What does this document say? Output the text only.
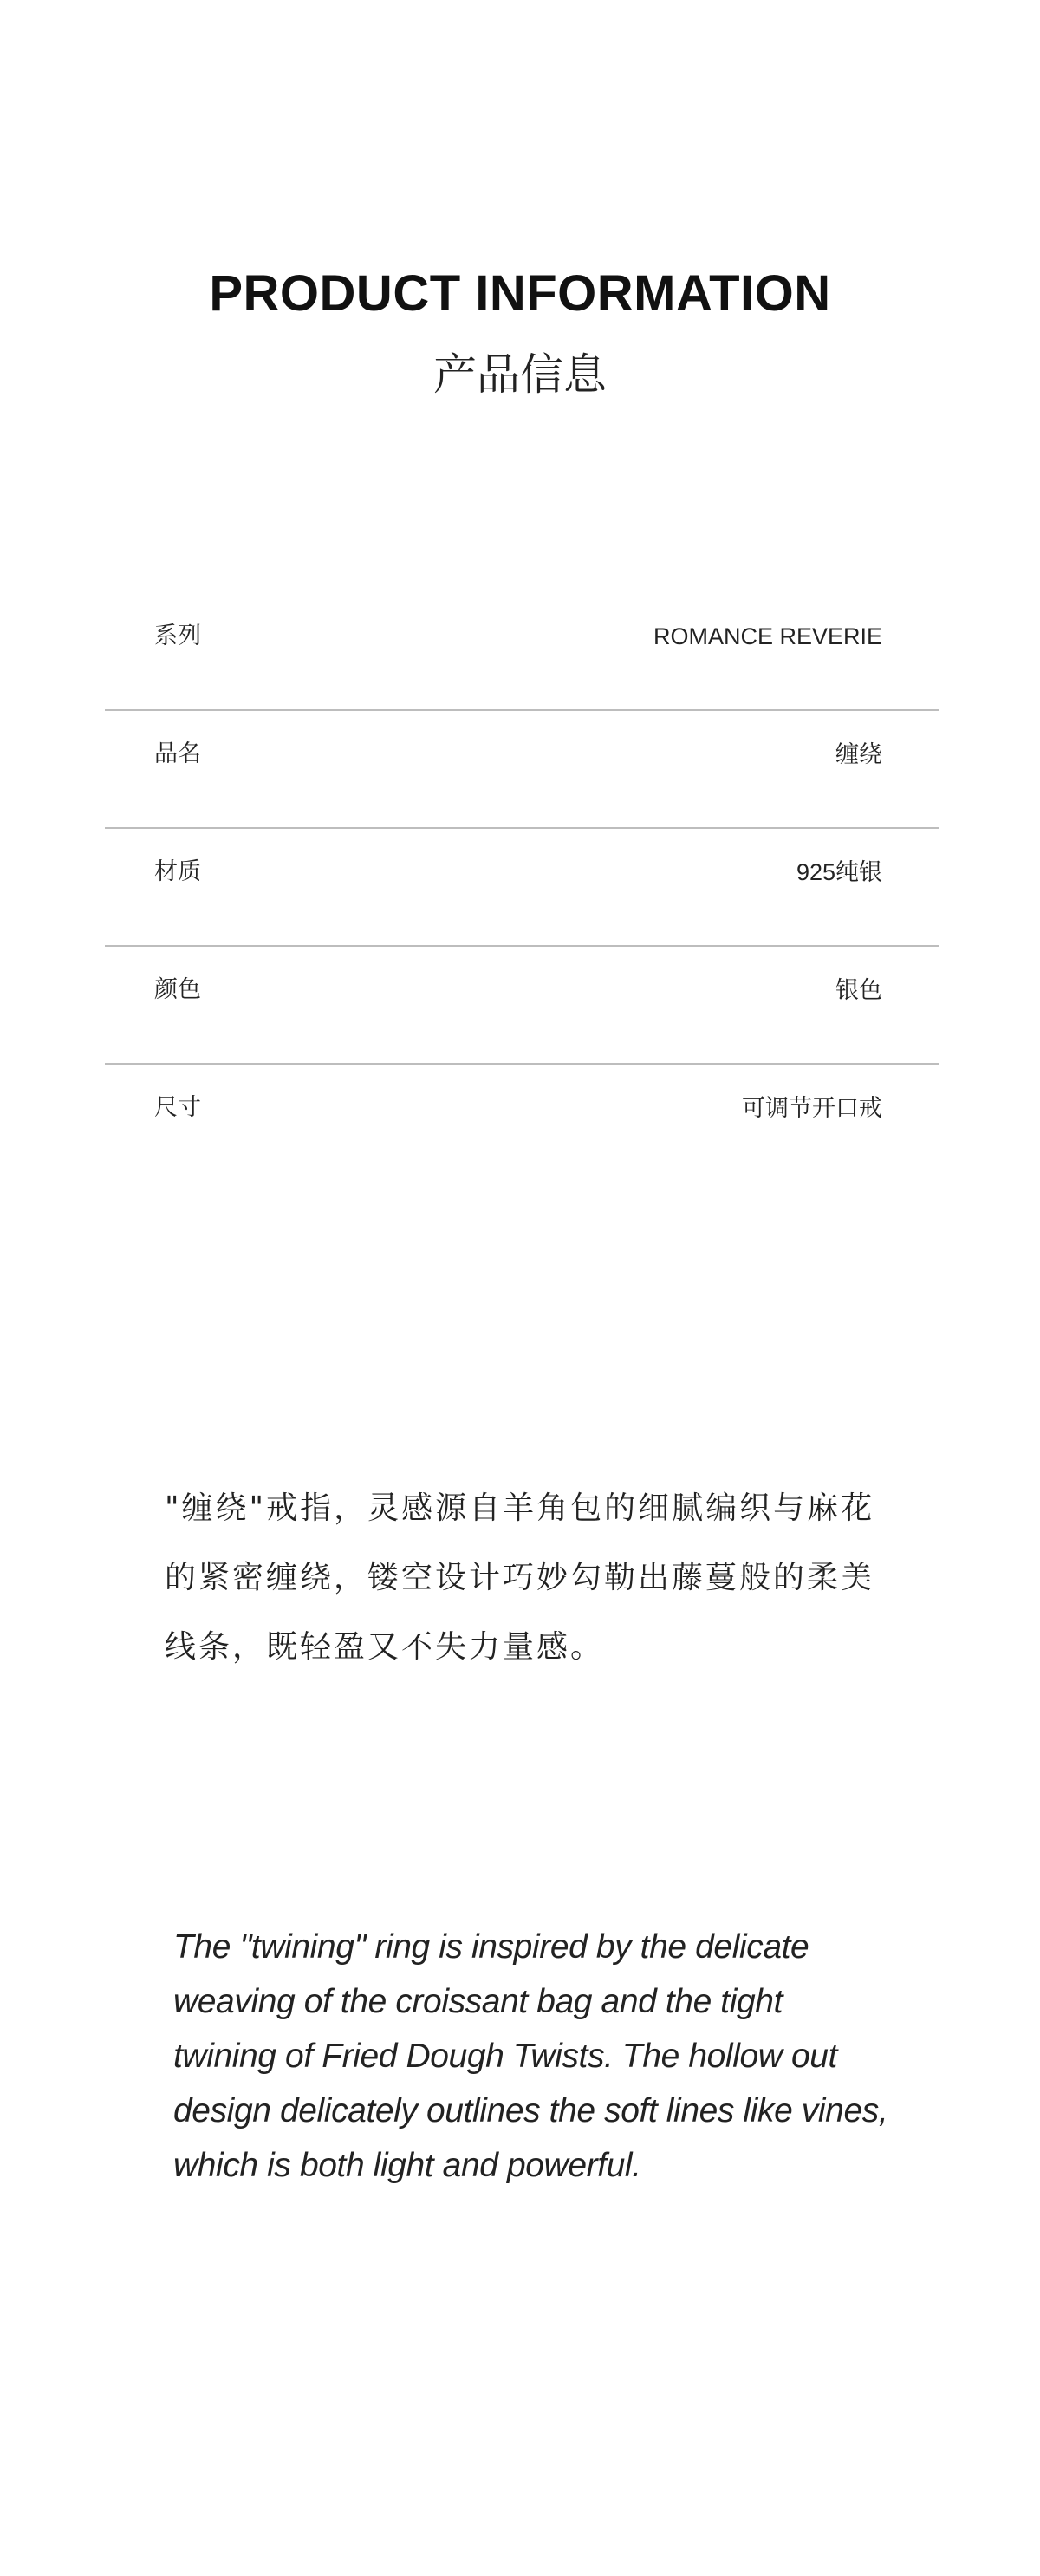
PRODUCT INFORMATION
产品信息
系列	ROMANCE REVERIE
品名	缠绕
材质	925纯银
颜色	银色
尺寸	可调节开口戒
"缠绕"戒指，灵感源自羊角包的细腻编织与麻花的紧密缠绕，镂空设计巧妙勾勒出藤蔓般的柔美线条，既轻盈又不失力量感。
The "twining" ring is inspired by the delicate weaving of the croissant bag and the tight twining of Fried Dough Twists. The hollow out design delicately outlines the soft lines like vines, which is both light and powerful.
